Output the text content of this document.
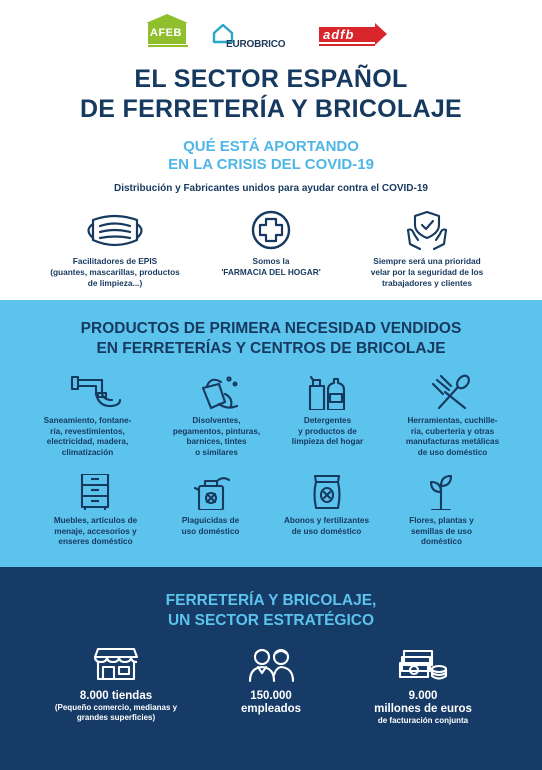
AFEB
EUROBRICO
adfb
EL SECTOR ESPAÑOL
DE FERRETERÍA Y BRICOLAJE
QUÉ ESTÁ APORTANDO
EN LA CRISIS DEL COVID-19
Distribución y Fabricantes unidos para ayudar contra el COVID-19
Facilitadores de EPIS
(guantes, mascarillas, productos
de limpieza...)
Somos la
'FARMACIA DEL HOGAR'
Siempre será una prioridad
velar por la seguridad de los
trabajadores y clientes
PRODUCTOS DE PRIMERA NECESIDAD VENDIDOS
EN FERRETERÍAS Y CENTROS DE BRICOLAJE
Saneamiento, fontane-
ría, revestimientos,
electricidad, madera,
climatización
Disolventes,
pegamentos, pinturas,
barnices, tintes
o similares
Detergentes
y productos de
limpieza del hogar
Herramientas, cuchille-
ría, cubertería y otras
manufacturas metálicas
de uso doméstico
Muebles, artículos de
menaje, accesorios y
enseres doméstico
Plaguicidas de
uso doméstico
Abonos y fertilizantes
de uso doméstico
Flores, plantas y
semillas de uso
doméstico
FERRETERÍA Y BRICOLAJE,
UN SECTOR ESTRATÉGICO
8.000 tiendas
(Pequeño comercio, medianas y
grandes superficies)
150.000
empleados
9.000
millones de euros
de facturación conjunta
